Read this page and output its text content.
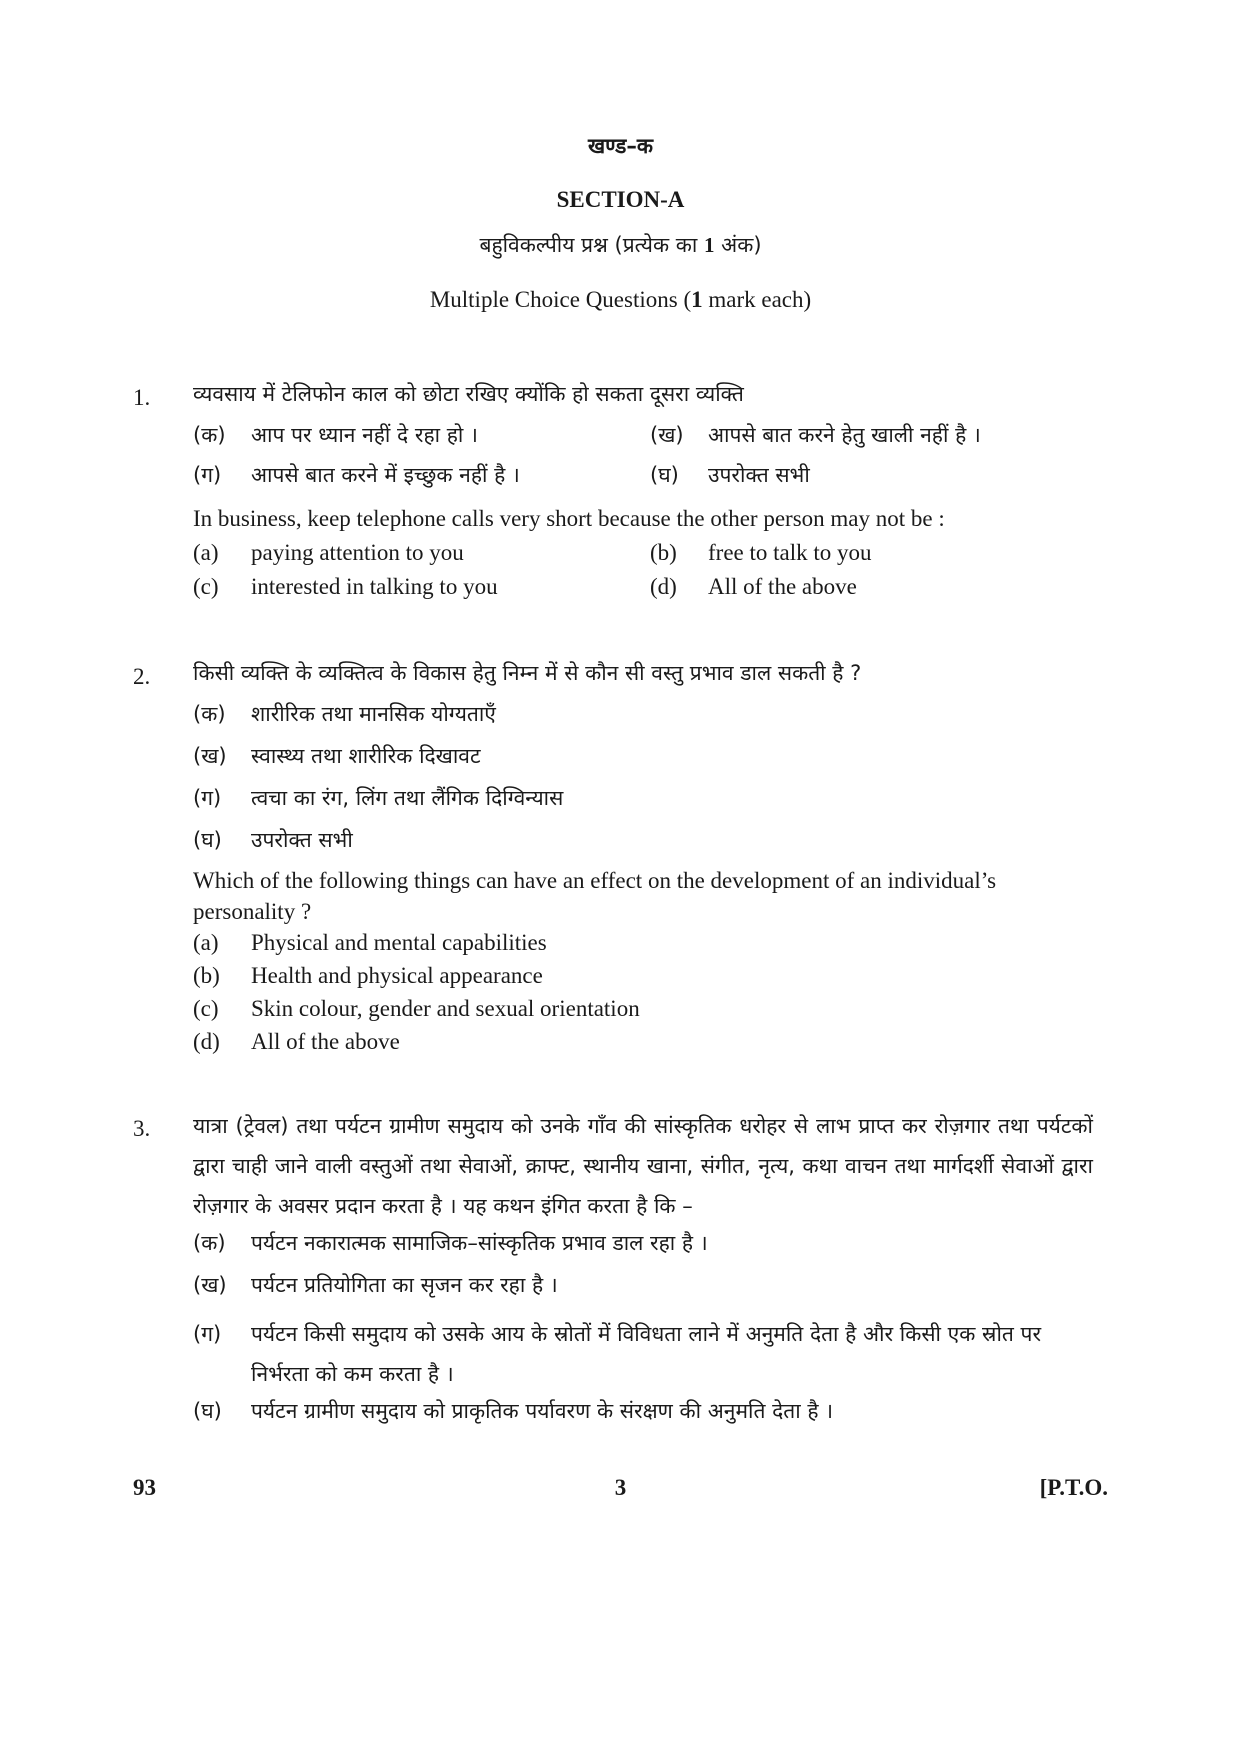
खण्ड–क
SECTION-A
बहुविकल्पीय प्रश्न (प्रत्येक का 1 अंक)
Multiple Choice Questions (1 mark each)
1. व्यवसाय में टेलिफोन काल को छोटा रखिए क्योंकि हो सकता दूसरा व्यक्ति
(क) आप पर ध्यान नहीं दे रहा हो ।	(ख) आपसे बात करने हेतु खाली नहीं है ।
(ग) आपसे बात करने में इच्छुक नहीं है ।	(घ) उपरोक्त सभी
In business, keep telephone calls very short because the other person may not be :
(a) paying attention to you	(b) free to talk to you
(c) interested in talking to you	(d) All of the above
2. किसी व्यक्ति के व्यक्तित्व के विकास हेतु निम्न में से कौन सी वस्तु प्रभाव डाल सकती है ?
(क) शारीरिक तथा मानसिक योग्यताएँ
(ख) स्वास्थ्य तथा शारीरिक दिखावट
(ग) त्वचा का रंग, लिंग तथा लैंगिक दिग्विन्यास
(घ) उपरोक्त सभी
Which of the following things can have an effect on the development of an individual’s personality ?
(a) Physical and mental capabilities
(b) Health and physical appearance
(c) Skin colour, gender and sexual orientation
(d) All of the above
3. यात्रा (ट्रेवल) तथा पर्यटन ग्रामीण समुदाय को उनके गाँव की सांस्कृतिक धरोहर से लाभ प्राप्त कर रोज़गार तथा पर्यटकों द्वारा चाही जाने वाली वस्तुओं तथा सेवाओं, क्राफ्ट, स्थानीय खाना, संगीत, नृत्य, कथा वाचन तथा मार्गदर्शी सेवाओं द्वारा रोज़गार के अवसर प्रदान करता है । यह कथन इंगित करता है कि –
(क) पर्यटन नकारात्मक सामाजिक–सांस्कृतिक प्रभाव डाल रहा है ।
(ख) पर्यटन प्रतियोगिता का सृजन कर रहा है ।
(ग) पर्यटन किसी समुदाय को उसके आय के स्रोतों में विविधता लाने में अनुमति देता है और किसी एक स्रोत पर निर्भरता को कम करता है ।
(घ) पर्यटन ग्रामीण समुदाय को प्राकृतिक पर्यावरण के संरक्षण की अनुमति देता है ।
93	3	[P.T.O.
